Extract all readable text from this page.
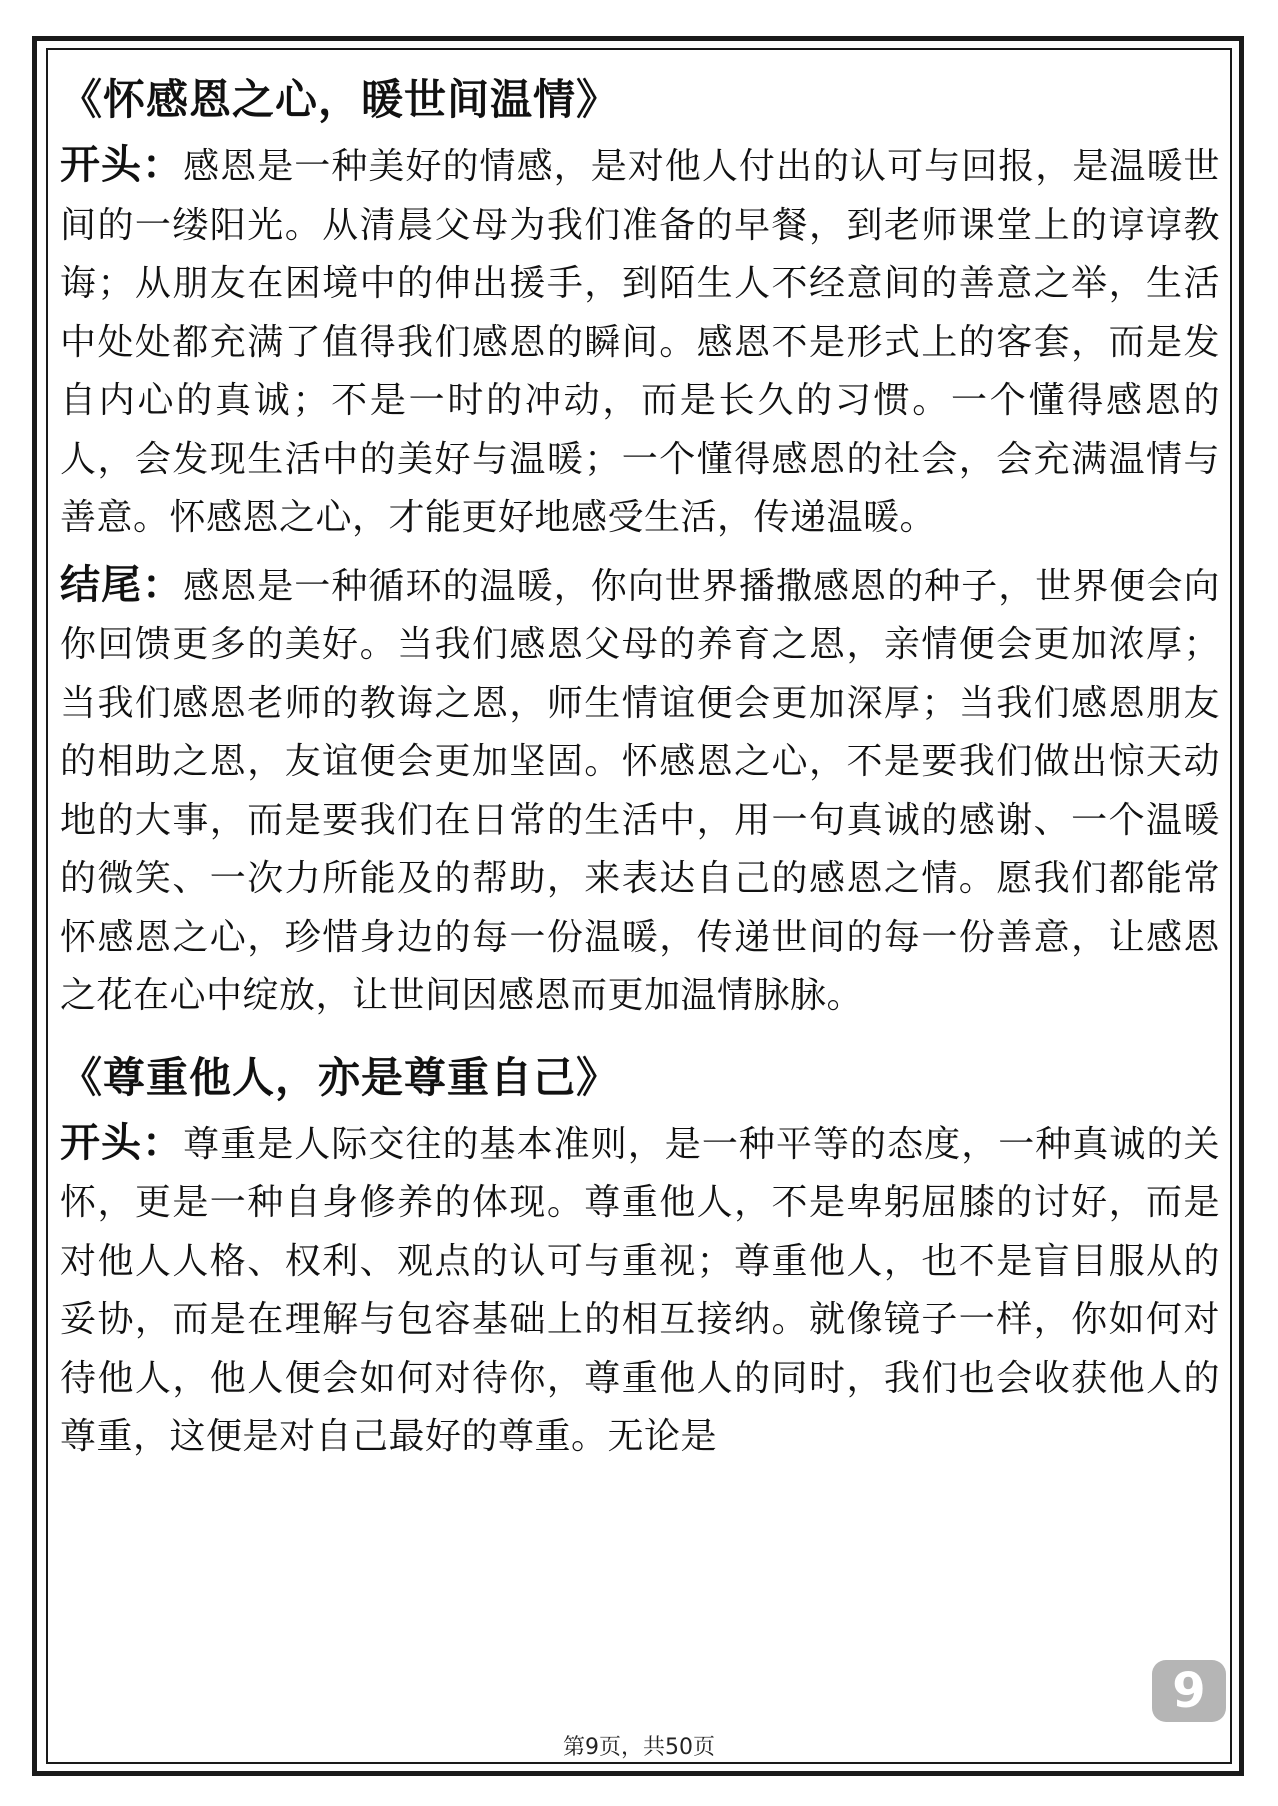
《怀感恩之心，暖世间温情》

开头：感恩是一种美好的情感，是对他人付出的认可与回报，是温暖世间的一缕阳光。从清晨父母为我们准备的早餐，到老师课堂上的谆谆教诲；从朋友在困境中的伸出援手，到陌生人不经意间的善意之举，生活中处处都充满了值得我们感恩的瞬间。感恩不是形式上的客套，而是发自内心的真诚；不是一时的冲动，而是长久的习惯。一个懂得感恩的人，会发现生活中的美好与温暖；一个懂得感恩的社会，会充满温情与善意。怀感恩之心，才能更好地感受生活，传递温暖。

结尾：感恩是一种循环的温暖，你向世界播撒感恩的种子，世界便会向你回馈更多的美好。当我们感恩父母的养育之恩，亲情便会更加浓厚；当我们感恩老师的教诲之恩，师生情谊便会更加深厚；当我们感恩朋友的相助之恩，友谊便会更加坚固。怀感恩之心，不是要我们做出惊天动地的大事，而是要我们在日常的生活中，用一句真诚的感谢、一个温暖的微笑、一次力所能及的帮助，来表达自己的感恩之情。愿我们都能常怀感恩之心，珍惜身边的每一份温暖，传递世间的每一份善意，让感恩之花在心中绽放，让世间因感恩而更加温情脉脉。

《尊重他人，亦是尊重自己》

开头：尊重是人际交往的基本准则，是一种平等的态度，一种真诚的关怀，更是一种自身修养的体现。尊重他人，不是卑躬屈膝的讨好，而是对他人人格、权利、观点的认可与重视；尊重他人，也不是盲目服从的妥协，而是在理解与包容基础上的相互接纳。就像镜子一样，你如何对待他人，他人便会如何对待你，尊重他人的同时，我们也会收获他人的尊重，这便是对自己最好的尊重。无论是

9
第9页，共50页
